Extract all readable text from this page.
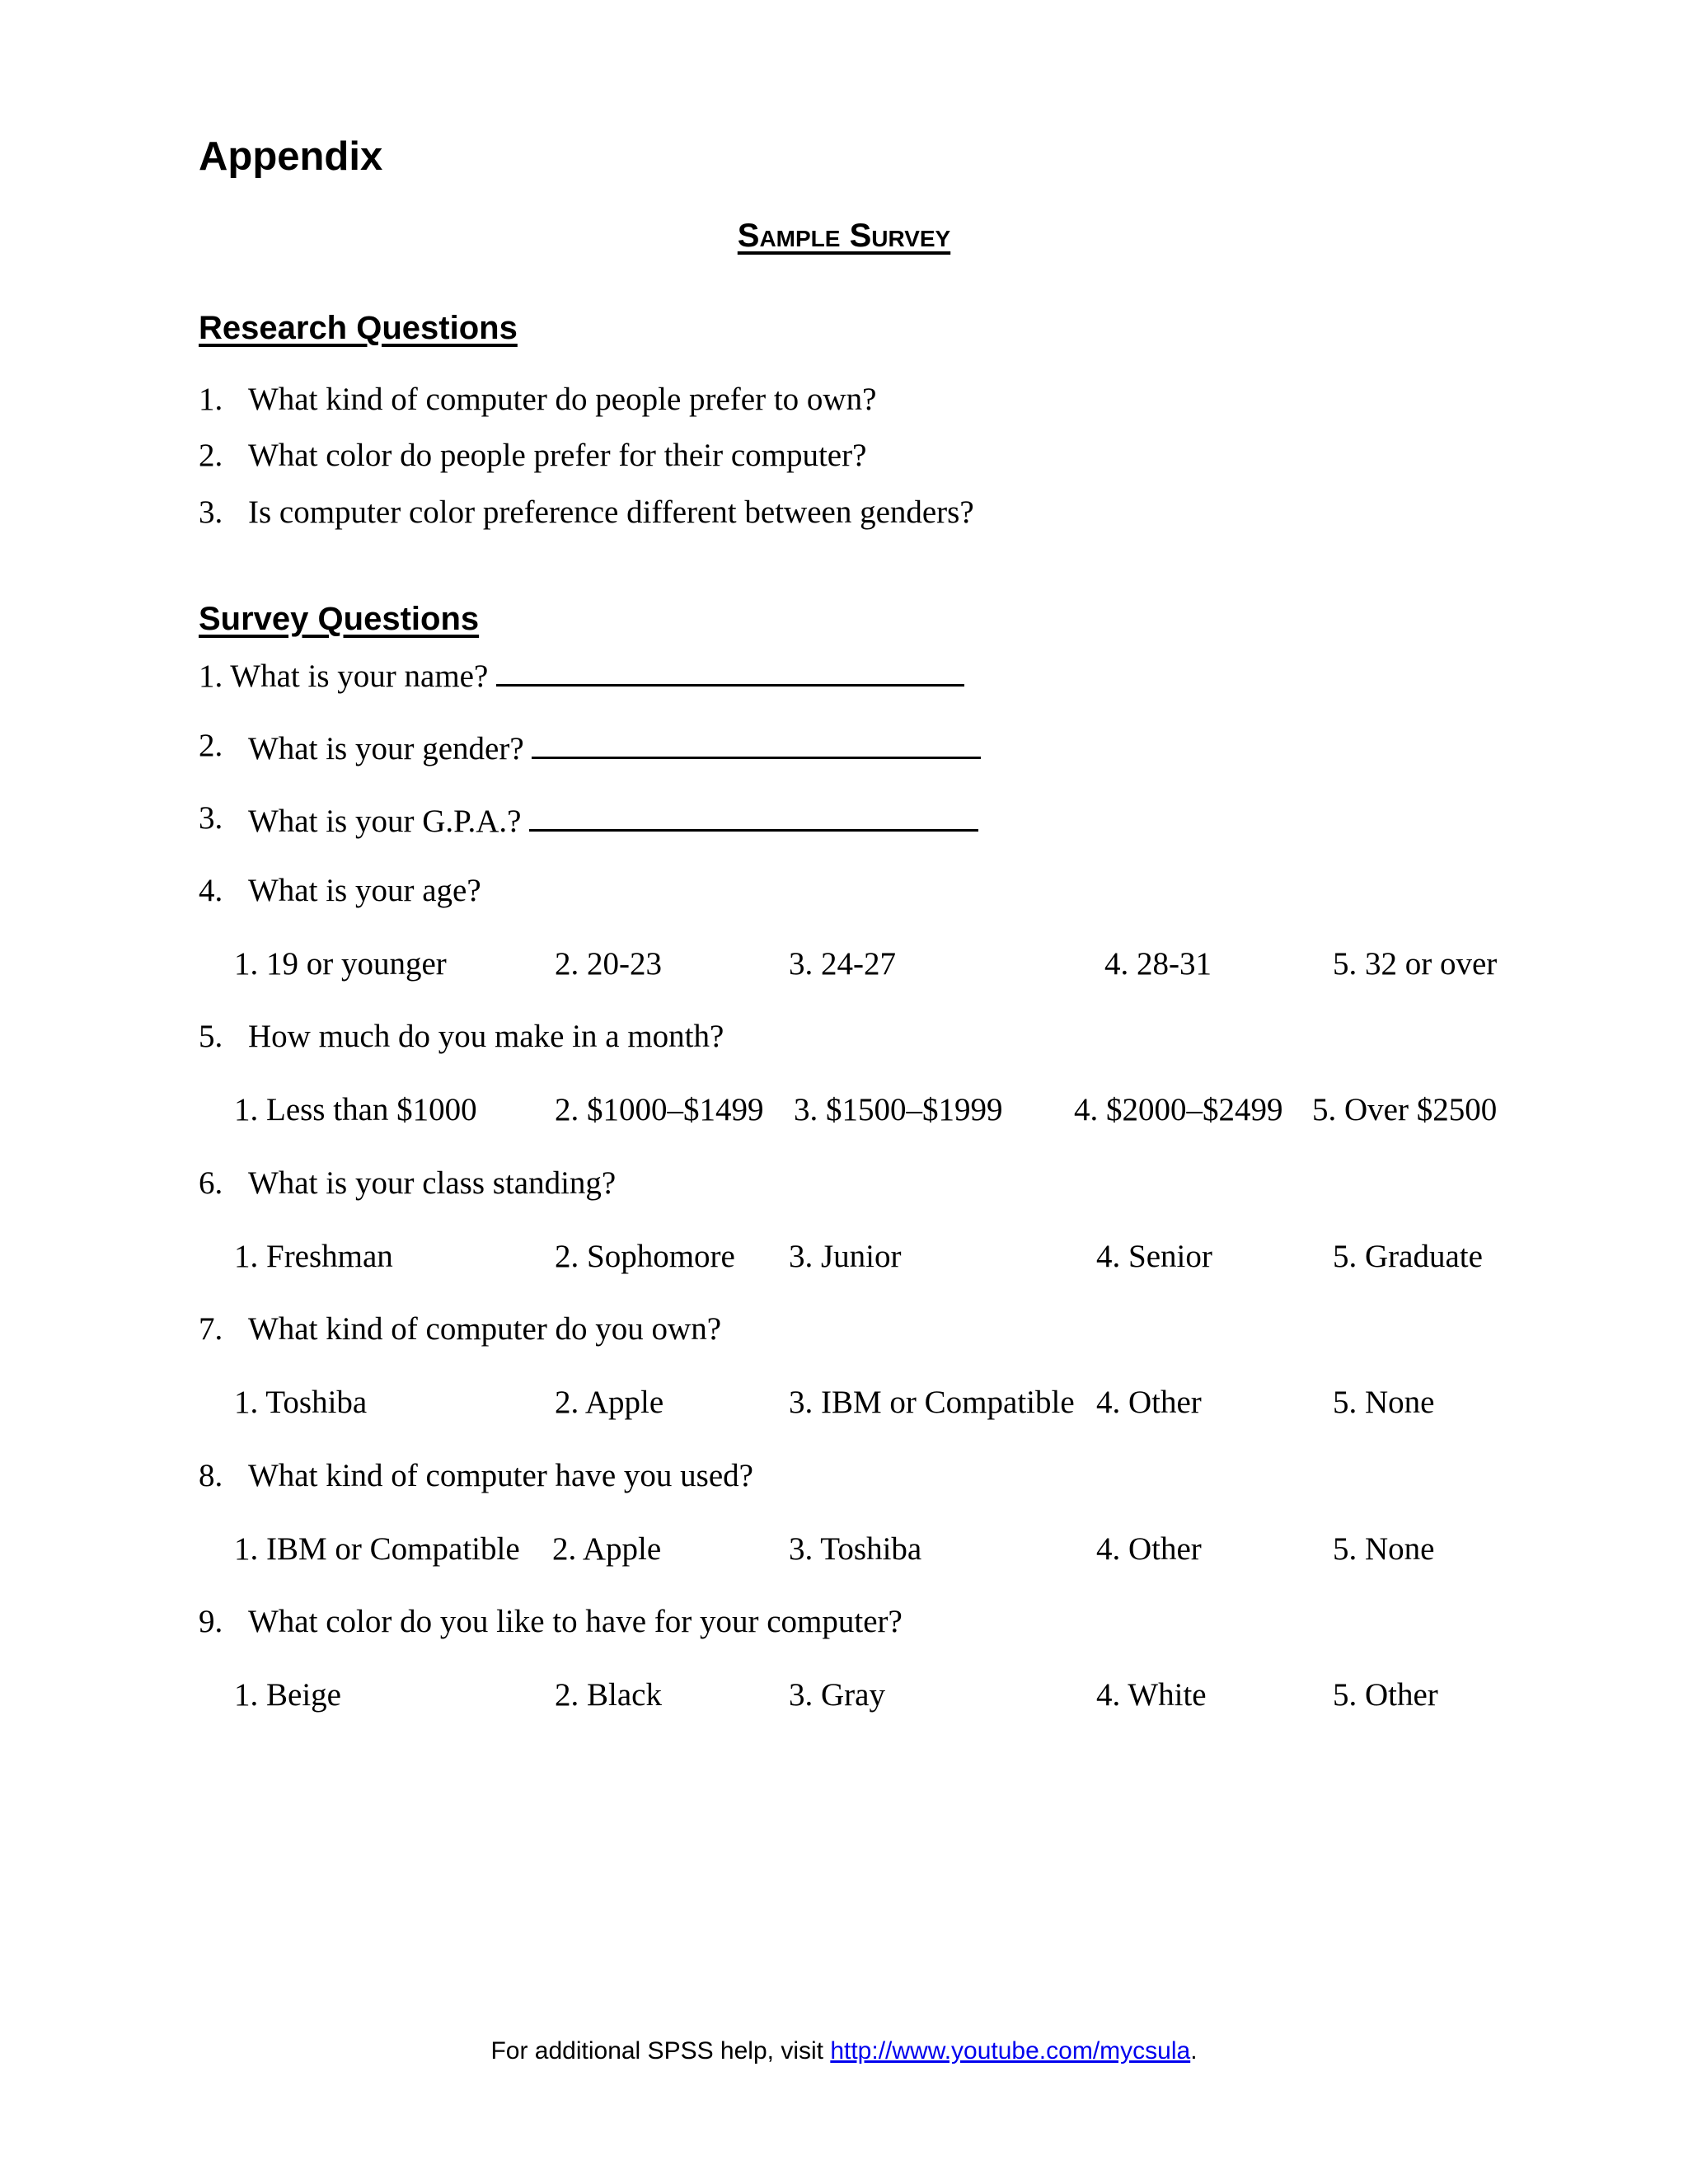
Appendix
Sample Survey
Research Questions
1. What kind of computer do people prefer to own?
2. What color do people prefer for their computer?
3. Is computer color preference different between genders?
Survey Questions
1. What is your name?
2. What is your gender?
3. What is your G.P.A.?
4. What is your age?
1. 19 or younger	2. 20-23	3. 24-27	4. 28-31	5. 32 or over
5. How much do you make in a month?
1. Less than $1000 2. $1000–$1499 3. $1500–$1999 4. $2000–$2499 5. Over $2500
6. What is your class standing?
1. Freshman	2. Sophomore 3. Junior	4. Senior	5. Graduate
7. What kind of computer do you own?
1. Toshiba	2. Apple	3. IBM or Compatible 4. Other	5. None
8. What kind of computer have you used?
1. IBM or Compatible 2. Apple	3. Toshiba	4. Other	5. None
9. What color do you like to have for your computer?
1. Beige	2. Black	3. Gray	4. White	5. Other
For additional SPSS help, visit http://www.youtube.com/mycsula.
